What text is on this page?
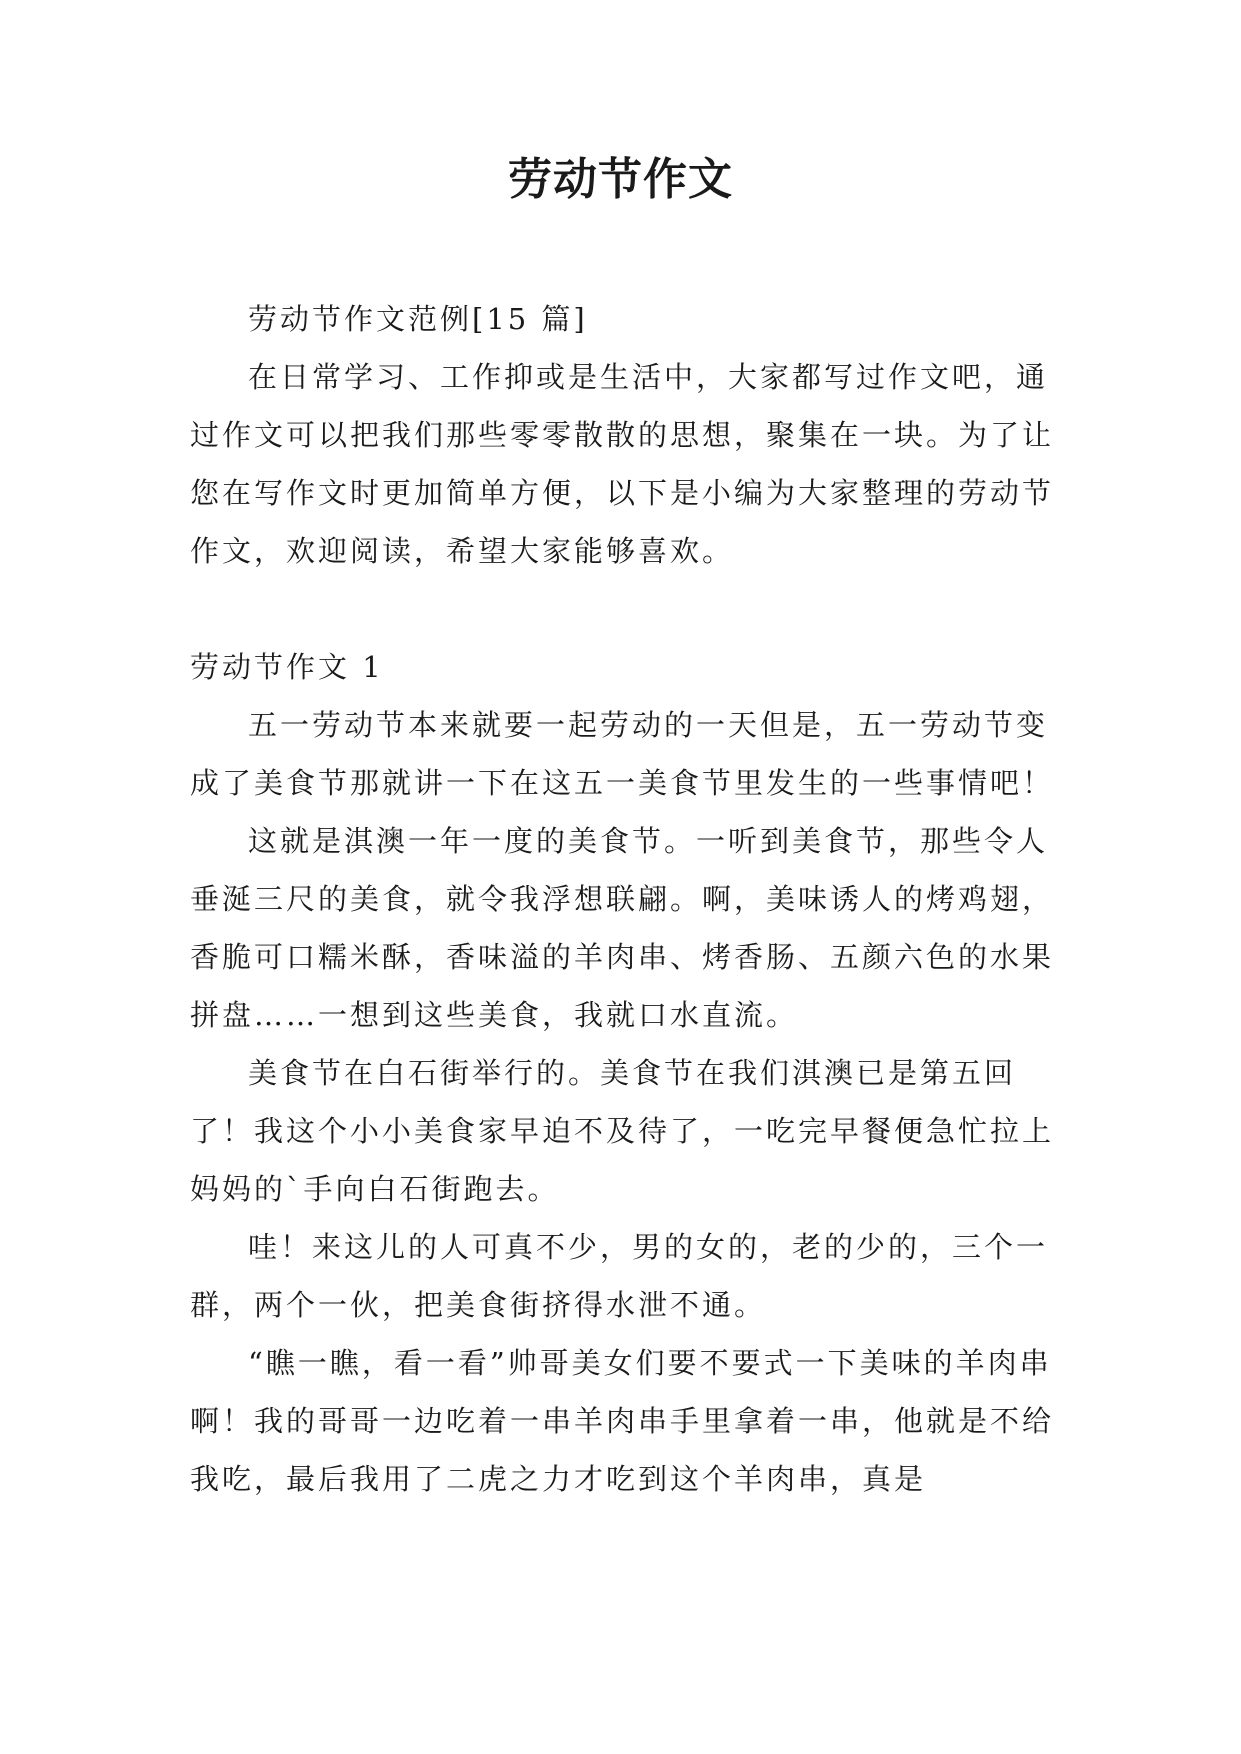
劳动节作文

劳动节作文范例[15 篇]

在日常学习、工作抑或是生活中，大家都写过作文吧，通过作文可以把我们那些零零散散的思想，聚集在一块。为了让您在写作文时更加简单方便，以下是小编为大家整理的劳动节作文，欢迎阅读，希望大家能够喜欢。

劳动节作文 1

五一劳动节本来就要一起劳动的一天但是，五一劳动节变成了美食节那就讲一下在这五一美食节里发生的一些事情吧！

这就是淇澳一年一度的美食节。一听到美食节，那些令人垂涎三尺的美食，就令我浮想联翩。啊，美味诱人的烤鸡翅，香脆可口糯米酥，香味溢的羊肉串、烤香肠、五颜六色的水果拼盘……一想到这些美食，我就口水直流。

美食节在白石街举行的。美食节在我们淇澳已是第五回了！我这个小小美食家早迫不及待了，一吃完早餐便急忙拉上妈妈的`手向白石街跑去。

哇！来这儿的人可真不少，男的女的，老的少的，三个一群，两个一伙，把美食街挤得水泄不通。

“瞧一瞧，看一看”帅哥美女们要不要式一下美味的羊肉串啊！我的哥哥一边吃着一串羊肉串手里拿着一串，他就是不给我吃，最后我用了二虎之力才吃到这个羊肉串，真是
